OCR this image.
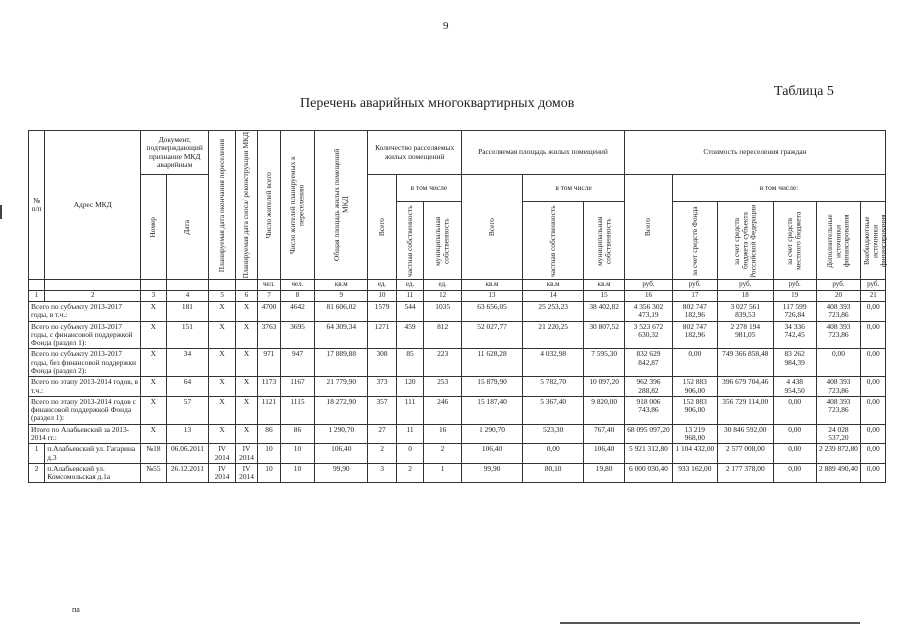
9
Таблица 5
Перечень аварийных многоквартирных домов
№ п/п	Адрес МКД	Документ, подтверждающий признание МКД аварийным		Планируемая дата окончания переселения	Планируемая дата сноса/ реконструкции МКД	Число жителей всего	Число жителей планируемых к переселению	Общая площадь жилых помещений МКД	Количество расселяемых жилых помещений			Расселяемая площадь жилых помещений			Стоимость переселения граждан					

		Номер	Дата						Всего	в том числе		Всего	в том числе		Всего	в том числе:				

										частная собственность	муниципальная собственность		частная собственность	муниципальная собственность		за счет средств Фонда	за счет средств бюджета субъекта Российской Федерации	за счет средств местного бюджета	Дополнительные источники финансирования	Внебюджетные источники финансирования

						чел.	чел.	кв.м	ед.	ед.	ед.	кв.м	кв.м	кв.м	руб.	руб.	руб.	руб.	руб.	руб.
1	2	3	4	5	6	7	8	9	10	11	12	13	14	15	16	17	18	19	20	21
Всего по субъекту 2013-2017 годы, в т.ч.:		X	181	X	X	4700	4642	81 606,02	1579	544	1035	63 656,05	25 253,23	38 402,82	4 356 302 473,19	802 747 182,96	3 027 561 839,53	117 599 726,84	408 393 723,86	0,00
Всего по субъекту 2013-2017 годы, с финансовой поддержкой Фонда (раздел 1):		X	151	X	X	3763	3695	64 309,34	1271	459	812	52 027,77	21 220,25	30 807,52	3 523 672 630,32	802 747 182,96	2 278 194 981,05	34 336 742,45	408 393 723,86	0,00
Всего по субъекту 2013-2017 годы, без финансовой поддержки Фонда (раздел 2):		X	34	X	X	971	947	17 889,88	308	85	223	11 628,28	4 032,98	7 595,30	832 629 842,87	0,00	749 366 858,48	83 262 984,39	0,00	0,00
Всего по этапу 2013-2014 годов, в т.ч.:		X	64	X	X	1173	1167	21 779,90	373	120	253	15 879,90	5 782,70	10 097,20	962 396 288,82	152 883 906,00	396 679 704,46	4 438 954,50	408 393 723,86	0,00
Всего по этапу 2013-2014 годов с финансовой поддержкой Фонда (раздел 1):		X	57	X	X	1121	1115	18 272,90	357	111	246	15 187,40	5 367,40	9 820,00	918 006 743,86	152 883 906,00	356 729 114,00	0,00	408 393 723,86	0,00
Итого по Алабьевский за 2013-2014 гг.:		X	13	X	X	86	86	1 290,70	27	11	16	1 290,70	523,30	767,40	68 095 097,20	13 219 968,00	30 846 592,00	0,00	24 028 537,20	0,00
1	п.Алабьевский ул. Гагарина д.3	№18	06.06.2011	IV 2014	IV 2014	10	10	106,40	2	0	2	106,40	0,00	106,40	5 921 312,80	1 104 432,00	2 577 008,00	0,00	2 239 872,80	0,00
2	п.Алабьевский ул. Комсомольская д.1а	№55	26.12.2011	IV 2014	IV 2014	10	10	99,90	3	2	1	99,90	80,10	19,80	6 000 030,40	933 162,00	2 177 378,00	0,00	2 889 490,40	0,00
па
